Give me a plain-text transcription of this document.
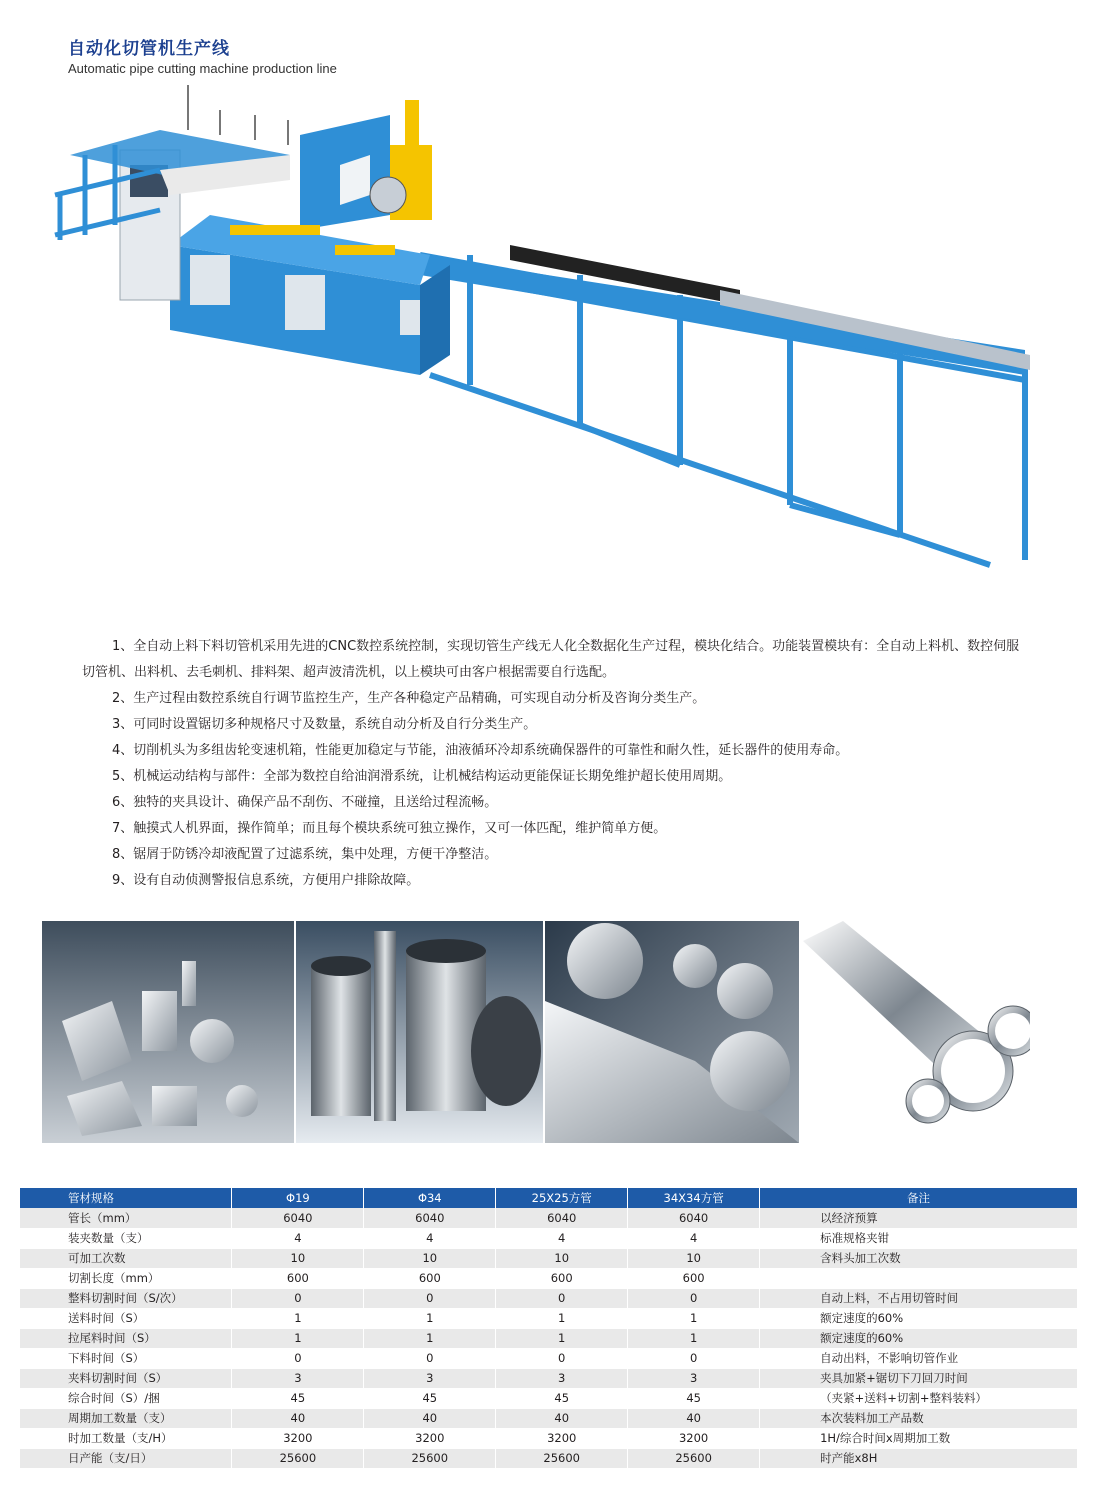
自动化切管机生产线
Automatic pipe cutting machine production line

1、全自动上料下料切管机采用先进的CNC数控系统控制，实现切管生产线无人化全数据化生产过程，模块化结合。功能装置模块有：全自动上料机、数控伺服切管机、出料机、去毛刺机、排料架、超声波清洗机，以上模块可由客户根据需要自行选配。

2、生产过程由数控系统自行调节监控生产，生产各种稳定产品精确，可实现自动分析及咨询分类生产。

3、可同时设置锯切多种规格尺寸及数量，系统自动分析及自行分类生产。

4、切削机头为多组齿轮变速机箱，性能更加稳定与节能，油液循环冷却系统确保器件的可靠性和耐久性，延长器件的使用寿命。

5、机械运动结构与部件：全部为数控自给油润滑系统，让机械结构运动更能保证长期免维护超长使用周期。

6、独特的夹具设计、确保产品不刮伤、不碰撞，且送给过程流畅。

7、触摸式人机界面，操作简单；而且每个模块系统可独立操作，又可一体匹配，维护简单方便。

8、锯屑于防锈冷却液配置了过滤系统，集中处理，方便干净整洁。

9、设有自动侦测警报信息系统，方便用户排除故障。

管材规格	Φ19	Φ34	25X25方管	34X34方管	备注
管长（mm）	6040	6040	6040	6040	以经济预算
装夹数量（支）	4	4	4	4	标准规格夹钳
可加工次数	10	10	10	10	含料头加工次数
切割长度（mm）	600	600	600	600	
整料切割时间（S/次）	0	0	0	0	自动上料，不占用切管时间
送料时间（S）	1	1	1	1	额定速度的60%
拉尾料时间（S）	1	1	1	1	额定速度的60%
下料时间（S）	0	0	0	0	自动出料，不影响切管作业
夹料切割时间（S）	3	3	3	3	夹具加紧+锯切下刀回刀时间
综合时间（S）/捆	45	45	45	45	（夹紧+送料+切割+整料装料）
周期加工数量（支）	40	40	40	40	本次装料加工产品数
时加工数量（支/H）	3200	3200	3200	3200	1H/综合时间x周期加工数
日产能（支/日）	25600	25600	25600	25600	时产能x8H
